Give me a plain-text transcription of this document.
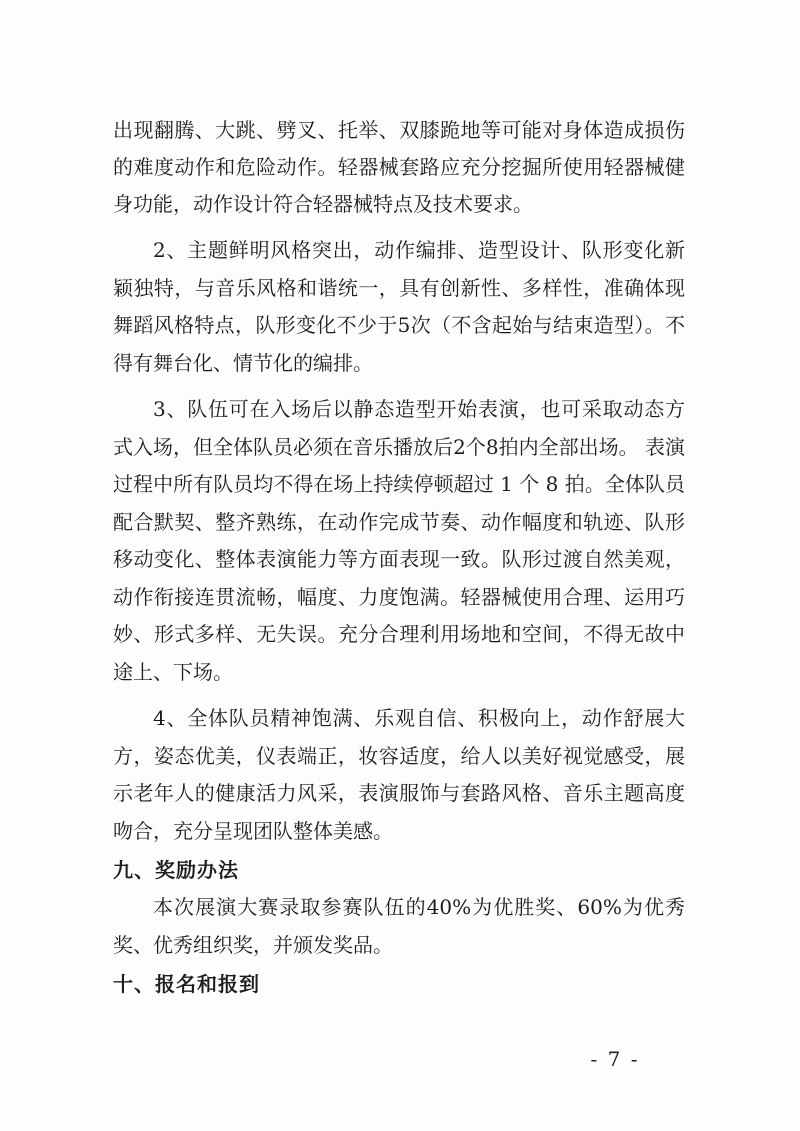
出现翻腾、大跳、劈叉、托举、双膝跪地等可能对身体造成损伤的难度动作和危险动作。轻器械套路应充分挖掘所使用轻器械健身功能，动作设计符合轻器械特点及技术要求。

2、主题鲜明风格突出，动作编排、造型设计、队形变化新颖独特，与音乐风格和谐统一，具有创新性、多样性，准确体现舞蹈风格特点，队形变化不少于5次（不含起始与结束造型）。不得有舞台化、情节化的编排。

3、队伍可在入场后以静态造型开始表演，也可采取动态方式入场，但全体队员必须在音乐播放后2个8拍内全部出场。 表演过程中所有队员均不得在场上持续停顿超过 1 个 8 拍。全体队员配合默契、整齐熟练，在动作完成节奏、动作幅度和轨迹、队形移动变化、整体表演能力等方面表现一致。队形过渡自然美观，动作衔接连贯流畅，幅度、力度饱满。轻器械使用合理、运用巧妙、形式多样、无失误。充分合理利用场地和空间，不得无故中途上、下场。

4、全体队员精神饱满、乐观自信、积极向上，动作舒展大方，姿态优美，仪表端正，妆容适度，给人以美好视觉感受，展示老年人的健康活力风采，表演服饰与套路风格、音乐主题高度吻合，充分呈现团队整体美感。

九、奖励办法

本次展演大赛录取参赛队伍的40%为优胜奖、60%为优秀奖、优秀组织奖，并颁发奖品。

十、报名和报到
- 7 -
